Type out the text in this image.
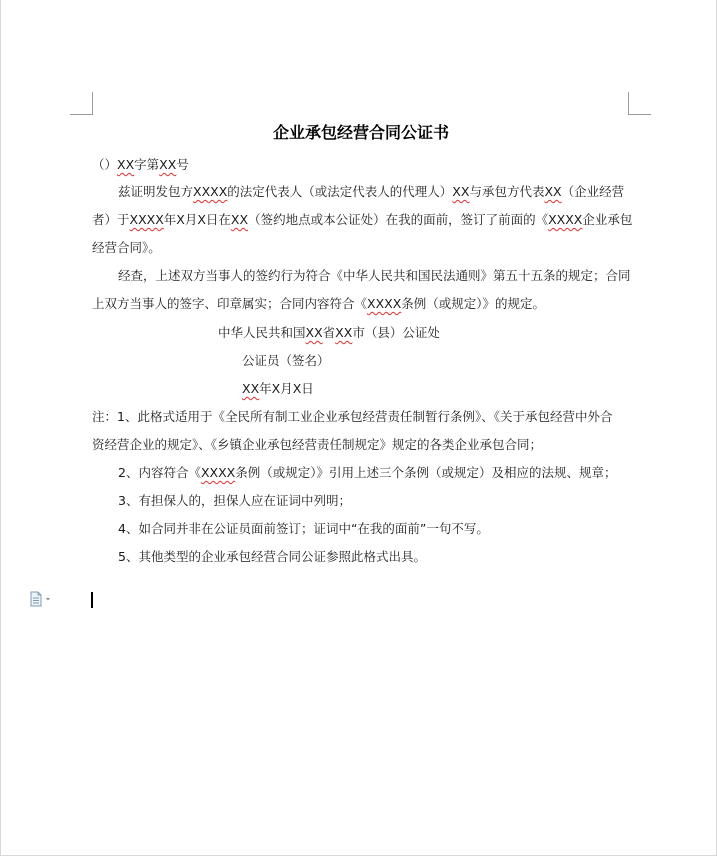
企业承包经营合同公证书
（）XX字第XX号
兹证明发包方XXXX的法定代表人（或法定代表人的代理人）XX与承包方代表XX（企业经营
者）于XXXX年X月X日在XX（签约地点或本公证处）在我的面前，签订了前面的《XXXX企业承包
经营合同》。
经查，上述双方当事人的签约行为符合《中华人民共和国民法通则》第五十五条的规定；合同
上双方当事人的签字、印章属实；合同内容符合《XXXX条例（或规定）》的规定。
中华人民共和国XX省XX市（县）公证处
公证员（签名）
XX年X月X日
注：1、此格式适用于《全民所有制工业企业承包经营责任制暂行条例》、《关于承包经营中外合
资经营企业的规定》、《乡镇企业承包经营责任制规定》规定的各类企业承包合同；
2、内容符合《XXXX条例（或规定）》引用上述三个条例（或规定）及相应的法规、规章；
3、有担保人的，担保人应在证词中列明；
4、如合同并非在公证员面前签订；证词中“在我的面前”一句不写。
5、其他类型的企业承包经营合同公证参照此格式出具。
